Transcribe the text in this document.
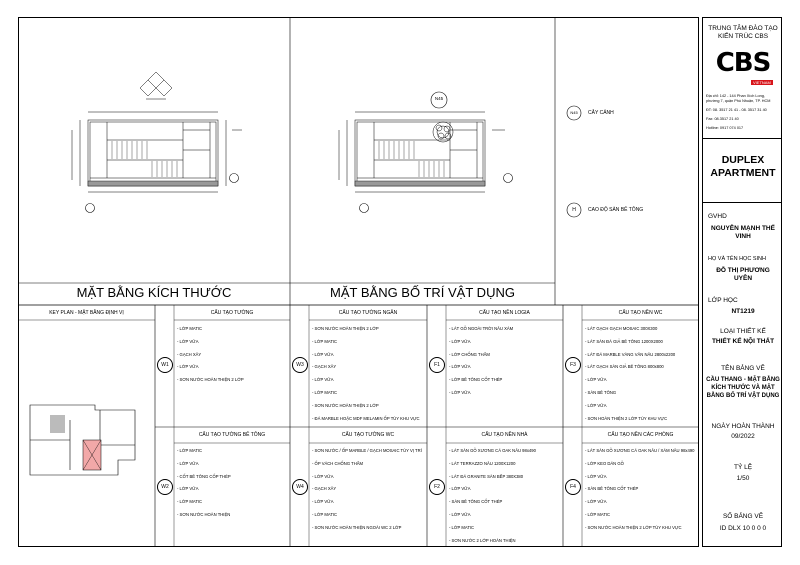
MẶT BẰNG KÍCH THƯỚC	MẶT BẰNG BỐ TRÍ VẬT DỤNG
N45
N45	CÂY CẢNH
H	CAO ĐỘ SÀN BÊ TÔNG
KEY PLAN - MẶT BẰNG ĐỊNH VỊ
W1
CẤU TẠO TƯỜNG
- LỚP MATIC
- LỚP VỮA
- GẠCH XÂY
- LỚP VỮA
- SƠN NƯỚC HOÀN THIỆN 2 LỚP
W3
CẤU TẠO TƯỜNG NGĂN
- SƠN NƯỚC HOÀN THIỆN 2 LỚP
- LỚP MATIC
- LỚP VỮA
- GẠCH XÂY
- LỚP VỮA
- LỚP MATIC
- SƠN NƯỚC HOÀN THIỆN 2 LỚP
- ĐÁ MARBLE HOẶC MDF MELAMIN ỐP TÙY KHU VỰC
F1
CẤU TẠO NỀN LOGIA
- LÁT GỖ NGOÀI TRỜI NÂU XÁM
- LỚP VỮA
- LỚP CHỐNG THẤM
- LỚP VỮA
- LỚP BÊ TÔNG CỐT THÉP
- LỚP VỮA
F3
CẤU TẠO NỀN WC
- LÁT GẠCH GẠCH MOSAIC 300X300
- LÁT SÀN ĐÁ GIẢ BÊ TÔNG 1200X2000
- LÁT ĐÁ MARBLE VÀNG VÂN NÂU 2800x2200
- LÁT GẠCH SÀN GIẢ BÊ TÔNG 800x800
- LỚP VỮA
- SÀN BÊ TÔNG
- LỚP VỮA
- SƠN HOÀN THIỆN 2 LỚP TÙY KHU VỰC
W2
CẤU TẠO TƯỜNG BÊ TÔNG
- LỚP MATIC
- LỚP VỮA
- CỐT BÊ TÔNG CỐP THÉP
- LỚP VỮA
- LỚP MATIC
- SƠN NƯỚC HOÀN THIỆN
W4
CẤU TẠO TƯỜNG WC
- SƠN NƯỚC / ỐP MARBLE / GẠCH MOSAIC TÙY VỊ TRÍ
- ỐP VÁCH CHỐNG THẤM
- LỚP VỮA
- GẠCH XÂY
- LỚP VỮA
- LỚP MATIC
- SƠN NƯỚC HOÀN THIỆN NGOÀI WC 2 LỚP
F2
CẤU TẠO NỀN NHÀ
- LÁT SÀN GỖ XƯƠNG CÁ OAK NÂU 98x490
- LÁT TERRAZZO NÂU 1200X1200
- LÁT ĐÁ GRANITE SÀN BẾP 380X380
- LỚP VỮA
- SÀN BÊ TÔNG CỐT THÉP
- LỚP VỮA
- LỚP MATIC
- SƠN NƯỚC 2 LỚP HOÀN THIỆN
F4
CẤU TẠO NỀN CÁC PHÒNG
- LÁT SÀN GỖ XƯƠNG CÁ OAK NÂU / XÁM NÂU 98x490
- LỚP KEO DÁN GỖ
- LỚP VỮA
- SÀN BÊ TÔNG CỐT THÉP
- LỚP VỮA
- LỚP MATIC
- SƠN NƯỚC HOÀN THIỆN 2 LỚP TÙY KHU VỰC
TRUNG TÂM ĐÀO TẠO
KIẾN TRÚC CBS
CBS
VIETNAM
Địa chỉ: 142 - 144 Phan Xích Long,
phường 7, quận Phú Nhuận, TP. HCM
ĐT: 08. 3517 21 41 - 08. 3517 31 40
Fax: 08.3517 21 40
Hotline: 0917 074 017
DUPLEX APARTMENT
GVHD
NGUYỄN MẠNH THẾ VINH
HỌ VÀ TÊN HỌC SINH
ĐỖ THỊ PHƯƠNG UYÊN
LỚP HỌC
NT1219
LOẠI THIẾT KẾ
THIẾT KẾ NỘI THẤT
TÊN BẢNG VẼ
CẦU THANG - MẶT BẰNG KÍCH THƯỚC VÀ MẶT BẰNG BỐ TRÍ VẬT DỤNG
NGÀY HOÀN THÀNH
09/2022
TỶ LỆ
1/50
SỐ BẢNG VẼ
ID DLX 10 0 0 0
